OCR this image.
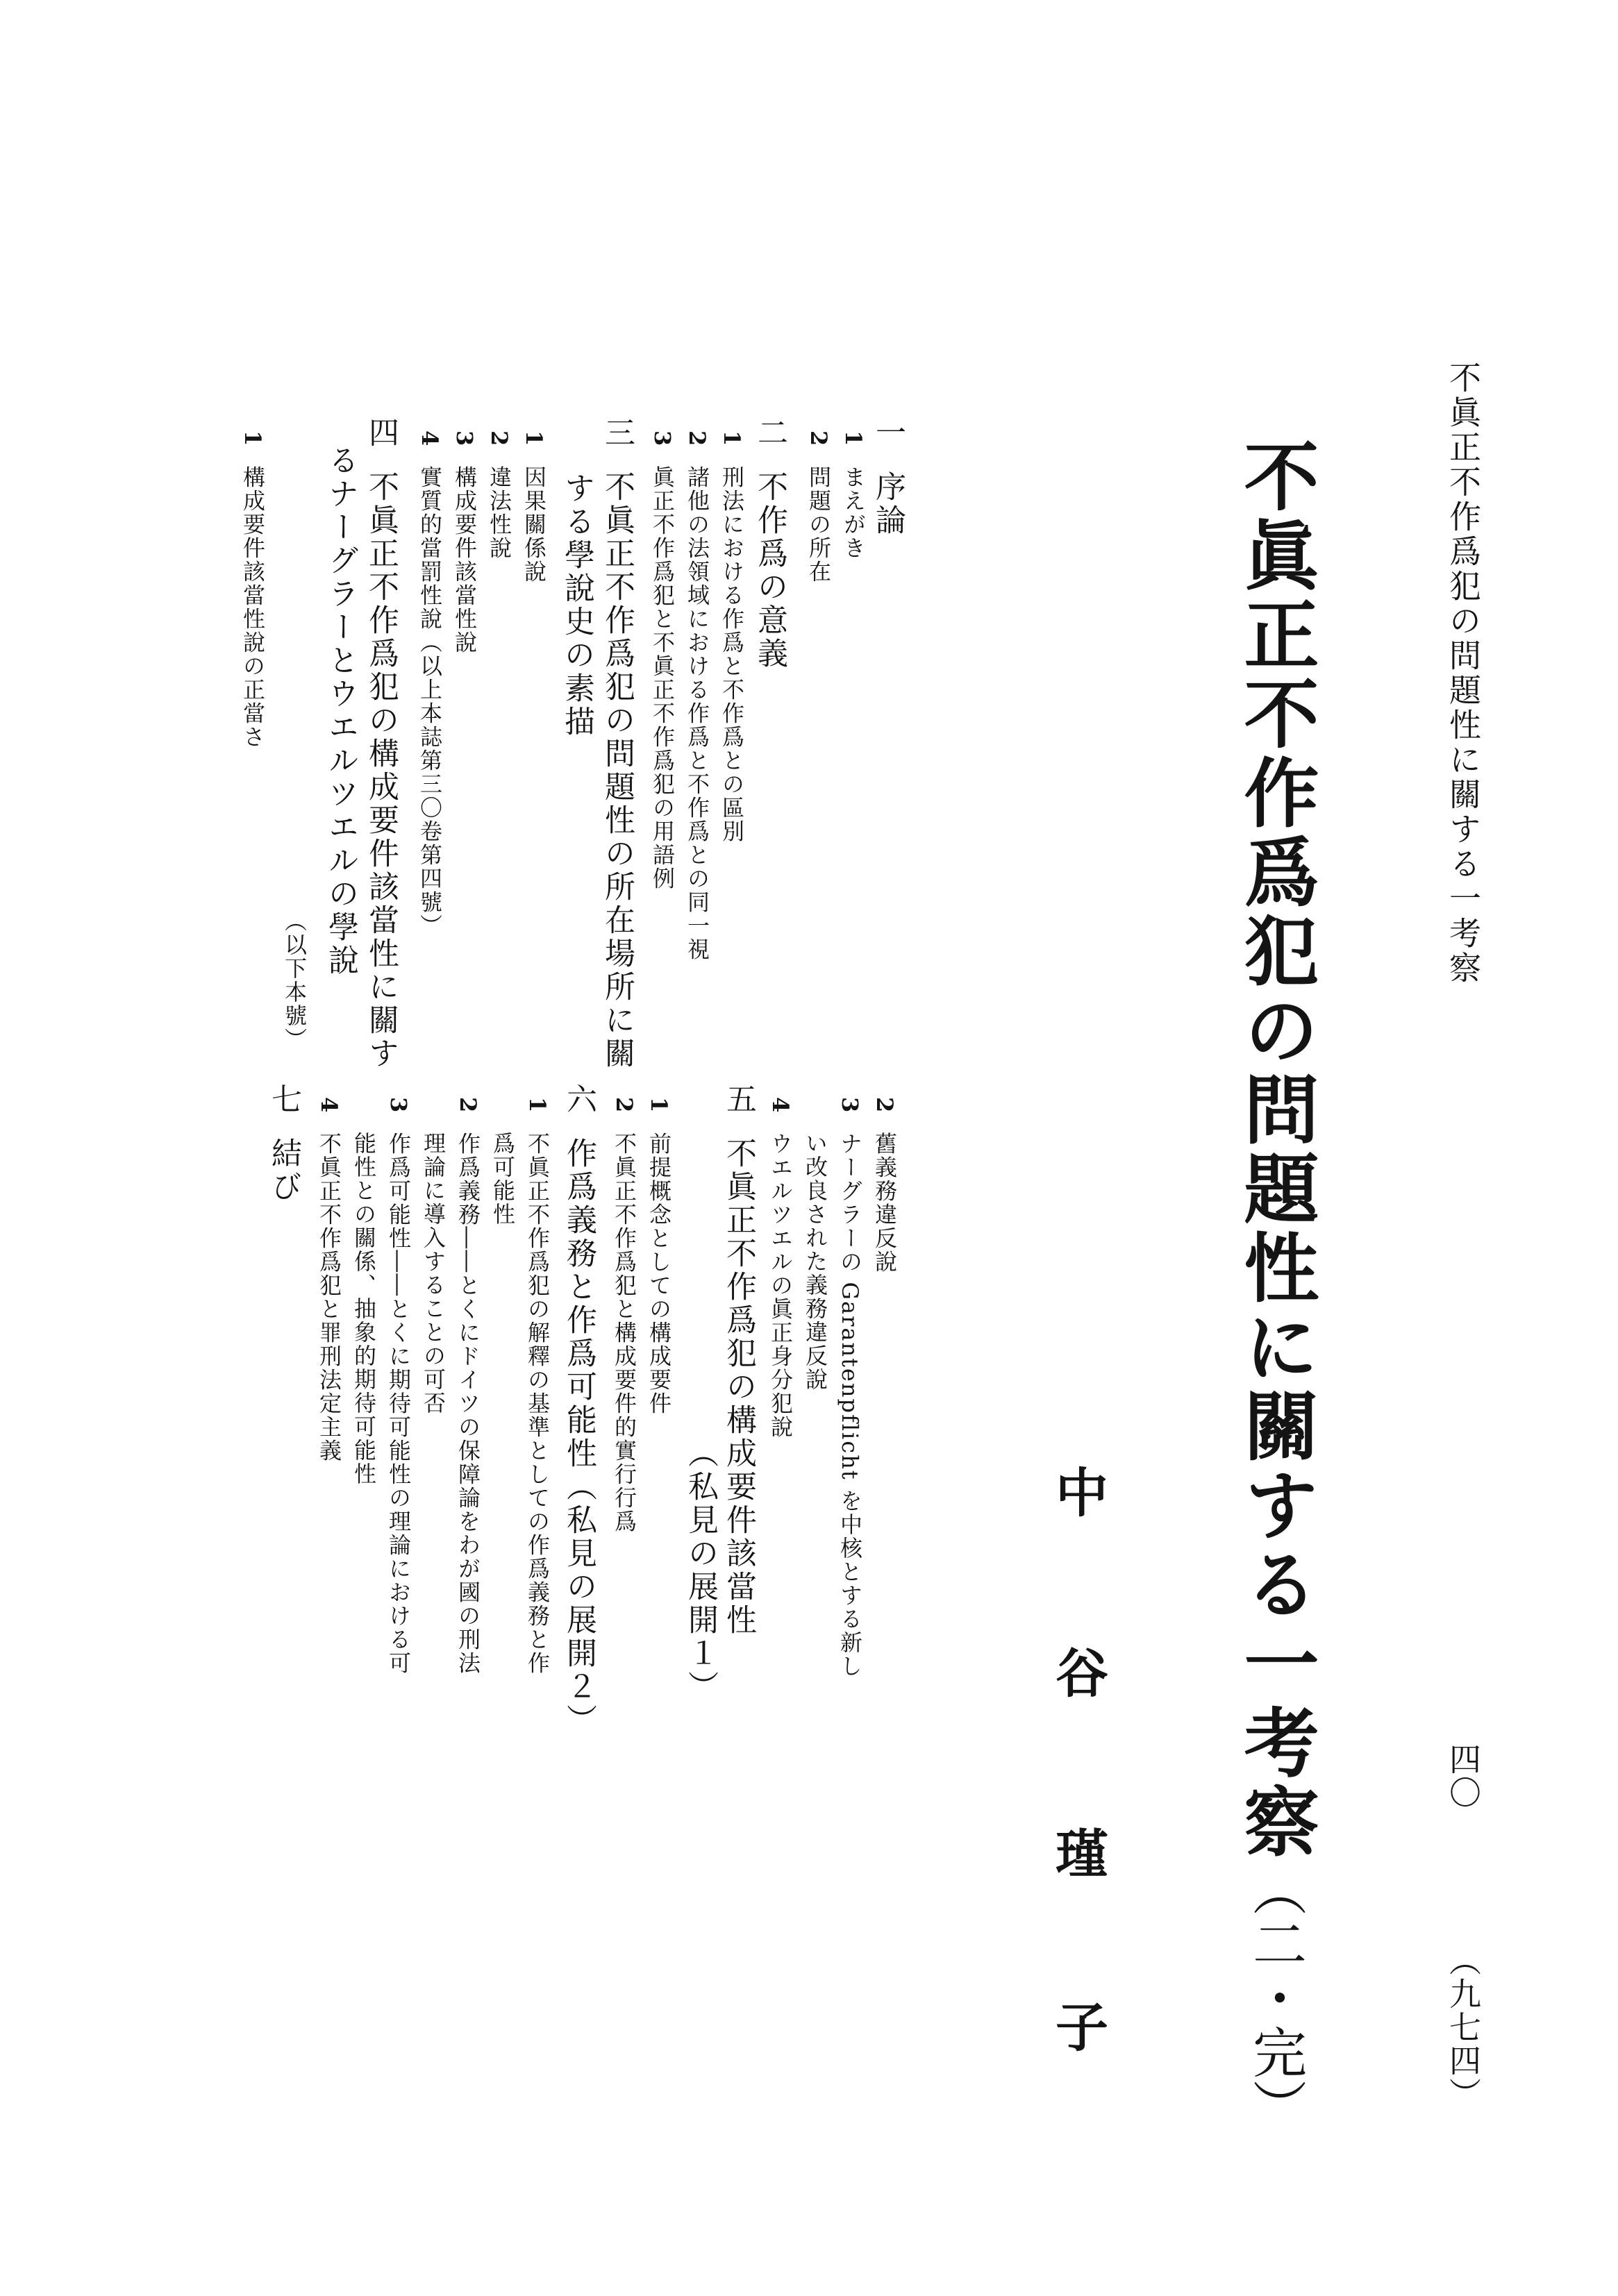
不眞正不作爲犯の問題性に關する一考察
四〇
（九七四）
不眞正不作爲犯の問題性に關する一考察（二・完）
中
谷
瑾
子
一序論
1まえがき
2問題の所在
二不作爲の意義
1刑法における作爲と不作爲との區別
2諸他の法領域における作爲と不作爲との同一視
3眞正不作爲犯と不眞正不作爲犯の用語例
三不眞正不作爲犯の問題性の所在場所に關
する學說史の素描
1因果關係說
2違法性說
3構成要件該當性說
4實質的當罰性說（以上本誌第三〇卷第四號）
四不眞正不作爲犯の構成要件該當性に關す
るナーグラーとウエルツエルの學說
（以下本號）
1構成要件該當性說の正當さ
2舊義務違反說
3ナーグラーの Garantenpflicht を中核とする新し
い改良された義務違反說
4ウエルツエルの眞正身分犯說
五不眞正不作爲犯の構成要件該當性
（私見の展開１）
1前提概念としての構成要件
2不眞正不作爲犯と構成要件的實行行爲
六作爲義務と作爲可能性（私見の展開２）
1不眞正不作爲犯の解釋の基準としての作爲義務と作
爲可能性
2作爲義務――とくにドイツの保障論をわが國の刑法
理論に導入することの可否
3作爲可能性――とくに期待可能性の理論における可
能性との關係、抽象的期待可能性
4不眞正不作爲犯と罪刑法定主義
七結び
